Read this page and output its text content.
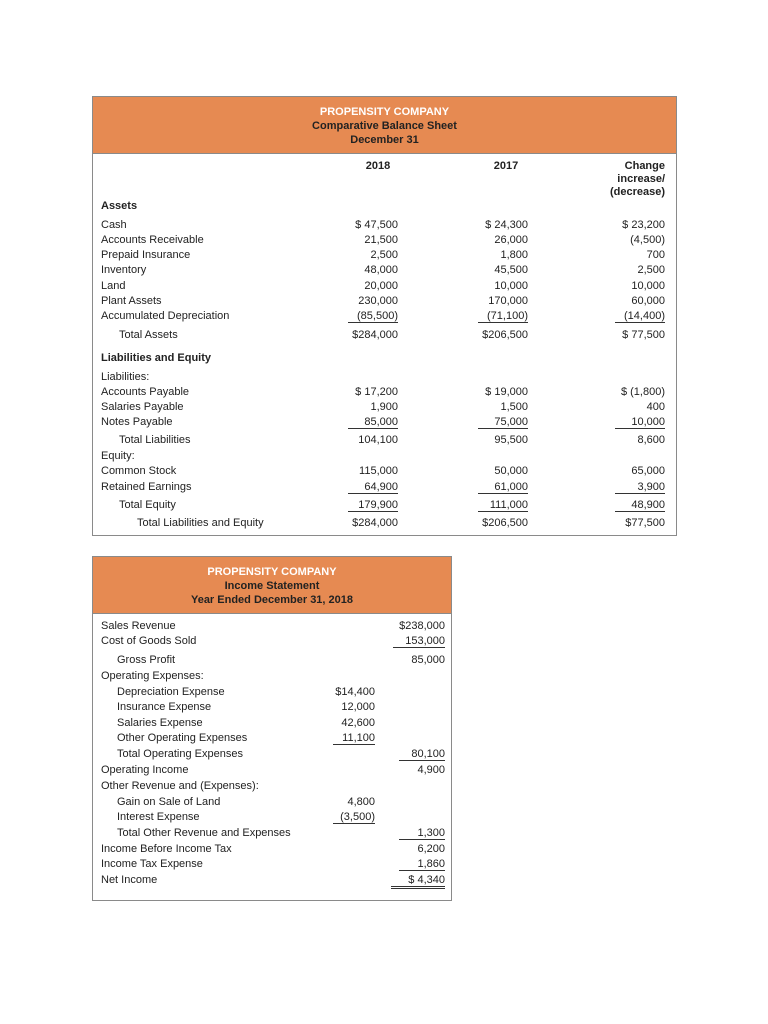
PROPENSITY COMPANY
Comparative Balance Sheet
December 31
2018	2017	Change
increase/
(decrease)
Assets
Cash	$ 47,500	$ 24,300	$ 23,200
Accounts Receivable	21,500	26,000	(4,500)
Prepaid Insurance	2,500	1,800	700
Inventory	48,000	45,500	2,500
Land	20,000	10,000	10,000
Plant Assets	230,000	170,000	60,000
Accumulated Depreciation	(85,500)	(71,100)	(14,400)
Total Assets	$284,000	$206,500	$ 77,500
Liabilities and Equity
Liabilities:
Accounts Payable	$ 17,200	$ 19,000	$ (1,800)
Salaries Payable	1,900	1,500	400
Notes Payable	85,000	75,000	10,000
Total Liabilities	104,100	95,500	8,600
Equity:
Common Stock	115,000	50,000	65,000
Retained Earnings	64,900	61,000	3,900
Total Equity	179,900	111,000	48,900
Total Liabilities and Equity	$284,000	$206,500	$77,500
PROPENSITY COMPANY
Income Statement
Year Ended December 31, 2018
Sales Revenue	$238,000
Cost of Goods Sold	153,000
Gross Profit	85,000
Operating Expenses:
Depreciation Expense	$14,400
Insurance Expense	12,000
Salaries Expense	42,600
Other Operating Expenses	11,100
Total Operating Expenses	80,100
Operating Income	4,900
Other Revenue and (Expenses):
Gain on Sale of Land	4,800
Interest Expense	(3,500)
Total Other Revenue and Expenses	1,300
Income Before Income Tax	6,200
Income Tax Expense	1,860
Net Income	$ 4,340
